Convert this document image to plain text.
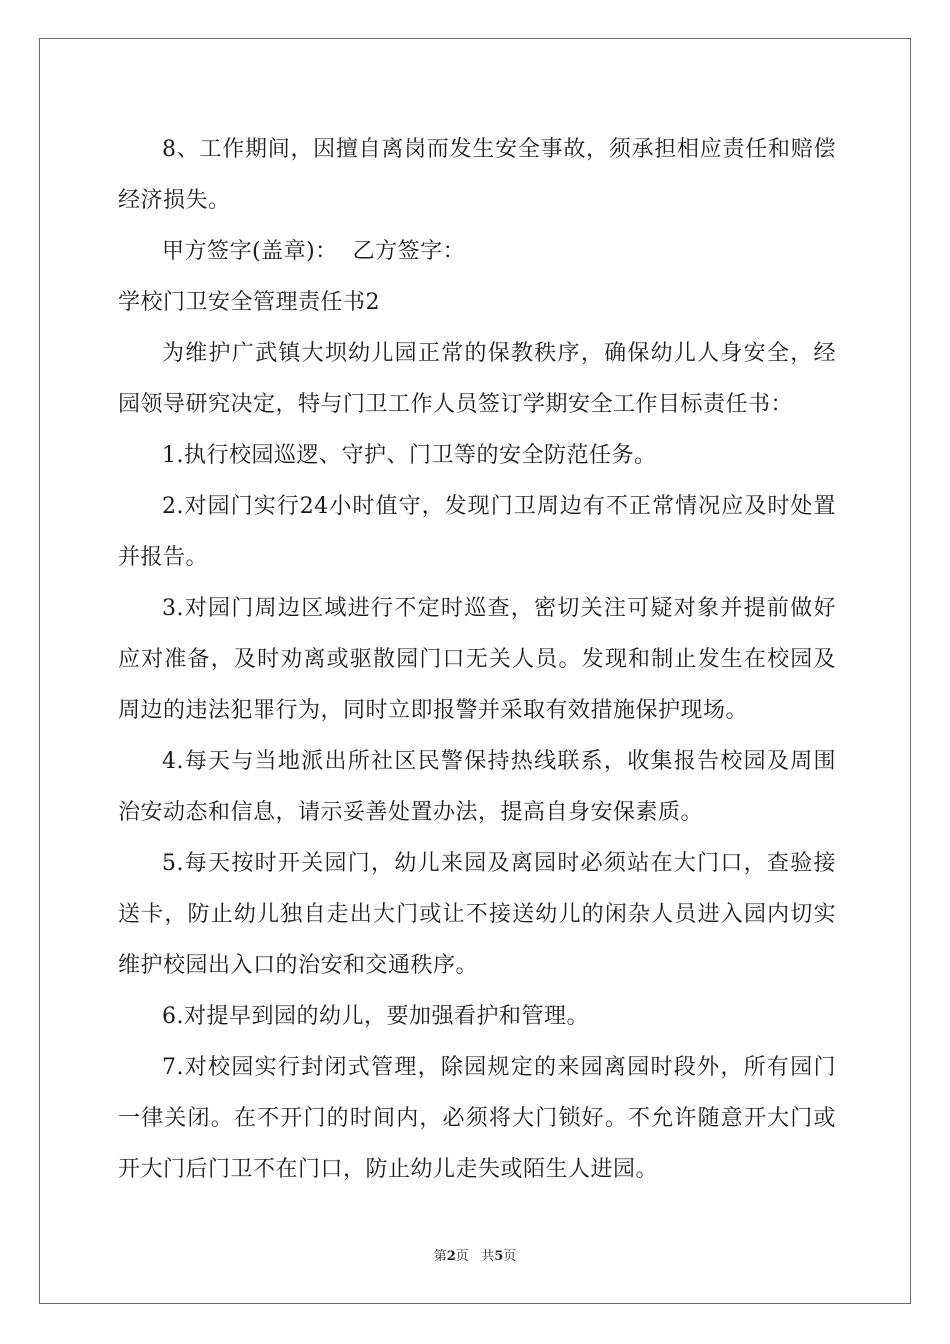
8、工作期间，因擅自离岗而发生安全事故，须承担相应责任和赔偿经济损失。

甲方签字(盖章)：  乙方签字：

学校门卫安全管理责任书2

为维护广武镇大坝幼儿园正常的保教秩序，确保幼儿人身安全，经园领导研究决定，特与门卫工作人员签订学期安全工作目标责任书：

1.执行校园巡逻、守护、门卫等的安全防范任务。

2.对园门实行24小时值守，发现门卫周边有不正常情况应及时处置并报告。

3.对园门周边区域进行不定时巡查，密切关注可疑对象并提前做好应对准备，及时劝离或驱散园门口无关人员。发现和制止发生在校园及周边的违法犯罪行为，同时立即报警并采取有效措施保护现场。

4.每天与当地派出所社区民警保持热线联系，收集报告校园及周围治安动态和信息，请示妥善处置办法，提高自身安保素质。

5.每天按时开关园门，幼儿来园及离园时必须站在大门口，查验接送卡，防止幼儿独自走出大门或让不接送幼儿的闲杂人员进入园内切实维护校园出入口的治安和交通秩序。

6.对提早到园的幼儿，要加强看护和管理。

7.对校园实行封闭式管理，除园规定的来园离园时段外，所有园门一律关闭。在不开门的时间内，必须将大门锁好。不允许随意开大门或开大门后门卫不在门口，防止幼儿走失或陌生人进园。

第2页 共5页
